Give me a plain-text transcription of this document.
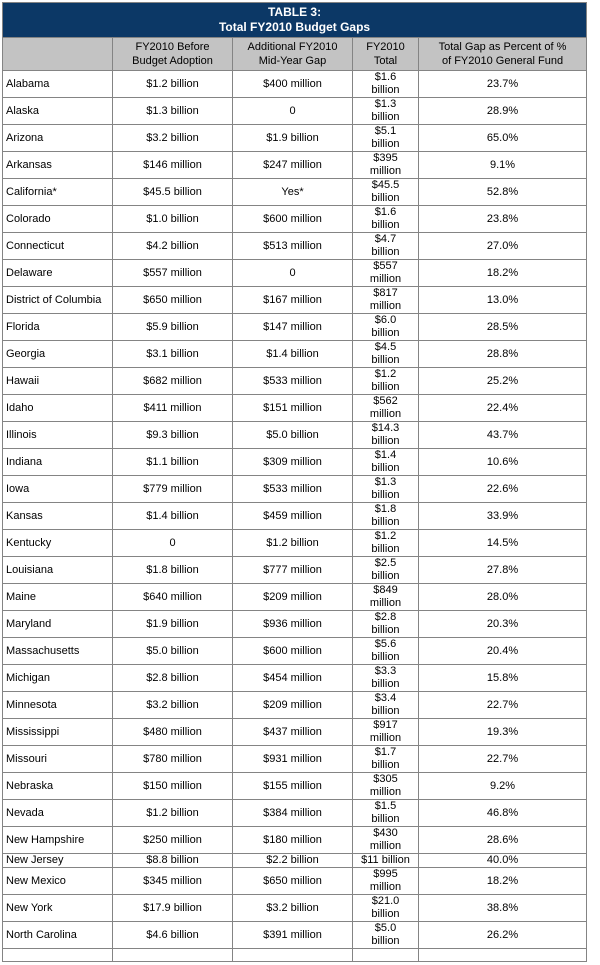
TABLE 3:
Total FY2010 Budget Gaps				
	FY2010 Before
Budget Adoption	Additional FY2010
Mid-Year Gap	FY2010
Total	Total Gap as Percent of %
of FY2010 General Fund
Alabama	$1.2 billion	$400 million	$1.6
billion	23.7%
Alaska	$1.3 billion	0	$1.3
billion	28.9%
Arizona	$3.2 billion	$1.9 billion	$5.1
billion	65.0%
Arkansas	$146 million	$247 million	$395
million	9.1%
California*	$45.5 billion	Yes*	$45.5
billion	52.8%
Colorado	$1.0 billion	$600 million	$1.6
billion	23.8%
Connecticut	$4.2 billion	$513 million	$4.7
billion	27.0%
Delaware	$557 million	0	$557
million	18.2%
District of Columbia	$650 million	$167 million	$817
million	13.0%
Florida	$5.9 billion	$147 million	$6.0
billion	28.5%
Georgia	$3.1 billion	$1.4 billion	$4.5
billion	28.8%
Hawaii	$682 million	$533 million	$1.2
billion	25.2%
Idaho	$411 million	$151 million	$562
million	22.4%
Illinois	$9.3 billion	$5.0 billion	$14.3
billion	43.7%
Indiana	$1.1 billion	$309 million	$1.4
billion	10.6%
Iowa	$779 million	$533 million	$1.3
billion	22.6%
Kansas	$1.4 billion	$459 million	$1.8
billion	33.9%
Kentucky	0	$1.2 billion	$1.2
billion	14.5%
Louisiana	$1.8 billion	$777 million	$2.5
billion	27.8%
Maine	$640 million	$209 million	$849
million	28.0%
Maryland	$1.9 billion	$936 million	$2.8
billion	20.3%
Massachusetts	$5.0 billion	$600 million	$5.6
billion	20.4%
Michigan	$2.8 billion	$454 million	$3.3
billion	15.8%
Minnesota	$3.2 billion	$209 million	$3.4
billion	22.7%
Mississippi	$480 million	$437 million	$917
million	19.3%
Missouri	$780 million	$931 million	$1.7
billion	22.7%
Nebraska	$150 million	$155 million	$305
million	9.2%
Nevada	$1.2 billion	$384 million	$1.5
billion	46.8%
New Hampshire	$250 million	$180 million	$430
million	28.6%
New Jersey	$8.8 billion	$2.2 billion	$11 billion	40.0%
New Mexico	$345 million	$650 million	$995
million	18.2%
New York	$17.9 billion	$3.2 billion	$21.0
billion	38.8%
North Carolina	$4.6 billion	$391 million	$5.0
billion	26.2%
